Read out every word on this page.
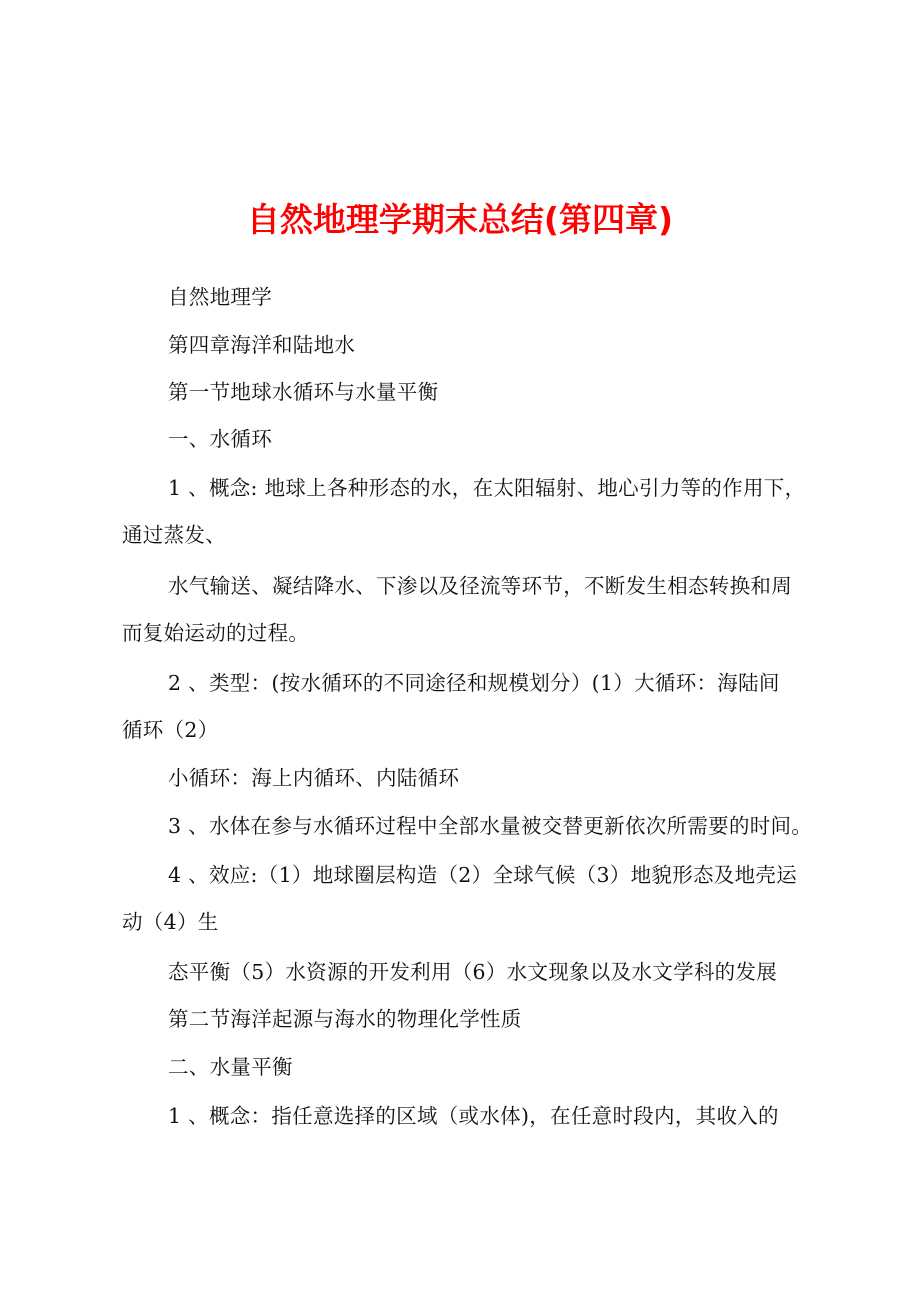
自然地理学期末总结(第四章)

自然地理学

第四章海洋和陆地水

第一节地球水循环与水量平衡

一、水循环

1 、概念: 地球上各种形态的水，在太阳辐射、地心引力等的作用下，
通过蒸发、

水气输送、凝结降水、下渗以及径流等环节，不断发生相态转换和周
而复始运动的过程。

2 、类型：(按水循环的不同途径和规模划分）(1）大循环：海陆间
循环（2）

小循环：海上内循环、内陆循环

3 、水体在参与水循环过程中全部水量被交替更新依次所需要的时间。

4 、效应:（1）地球圈层构造（2）全球气候（3）地貌形态及地壳运
动（4）生

态平衡（5）水资源的开发利用（6）水文现象以及水文学科的发展

第二节海洋起源与海水的物理化学性质

二、水量平衡

1 、概念：指任意选择的区域（或水体)，在任意时段内，其收入的
